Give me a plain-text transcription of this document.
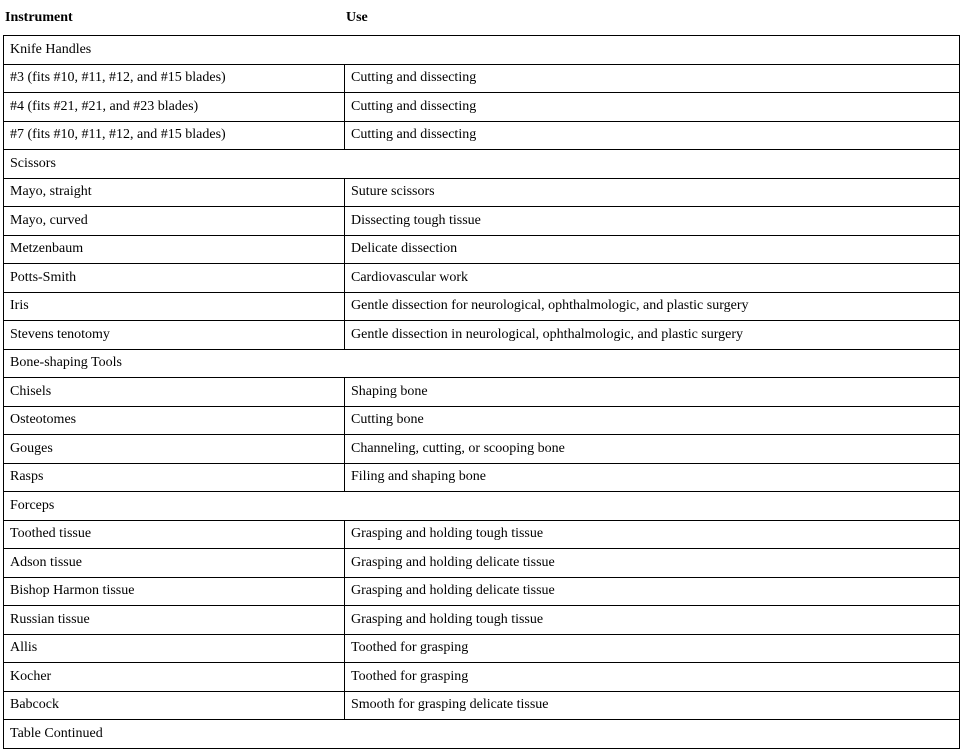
Instrument	Use
Knife Handles	
#3 (fits #10, #11, #12, and #15 blades)	Cutting and dissecting
#4 (fits #21, #21, and #23 blades)	Cutting and dissecting
#7 (fits #10, #11, #12, and #15 blades)	Cutting and dissecting
Scissors	
Mayo, straight	Suture scissors
Mayo, curved	Dissecting tough tissue
Metzenbaum	Delicate dissection
Potts-Smith	Cardiovascular work
Iris	Gentle dissection for neurological, ophthalmologic, and plastic surgery
Stevens tenotomy	Gentle dissection in neurological, ophthalmologic, and plastic surgery
Bone-shaping Tools	
Chisels	Shaping bone
Osteotomes	Cutting bone
Gouges	Channeling, cutting, or scooping bone
Rasps	Filing and shaping bone
Forceps	
Toothed tissue	Grasping and holding tough tissue
Adson tissue	Grasping and holding delicate tissue
Bishop Harmon tissue	Grasping and holding delicate tissue
Russian tissue	Grasping and holding tough tissue
Allis	Toothed for grasping
Kocher	Toothed for grasping
Babcock	Smooth for grasping delicate tissue
Table Continued	
